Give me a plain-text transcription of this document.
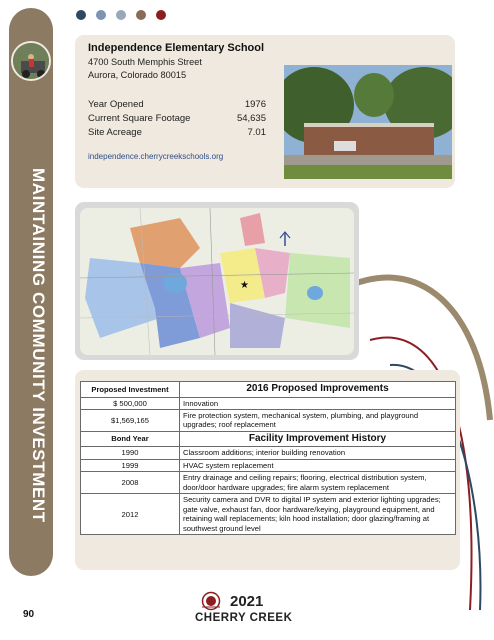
MAINTAINING COMMUNITY INVESTMENT
Independence Elementary School
4700 South Memphis Street
Aurora, Colorado 80015
Year Opened	1976
Current Square Footage	54,635
Site Acreage	7.01
independence.cherrycreekschools.org
★
Proposed Investment	2016 Proposed Improvements
$ 500,000	Innovation
$1,569,165	Fire protection system, mechanical system, plumbing, and playground upgrades; roof replacement
Bond Year	Facility Improvement History
1990	Classroom additions; interior building renovation
1999	HVAC system replacement
2008	Entry drainage and ceiling repairs; flooring, electrical distribution system, door/door hardware upgrades; fire alarm system replacement
2012	Security camera and DVR to digital IP system and exterior lighting upgrades; gate valve, exhaust fan, door hardware/keying, playground equipment, and retaining wall replacements; kiln hood installation; door glazing/framing at southwest ground level
90
2021
CHERRY CREEK
